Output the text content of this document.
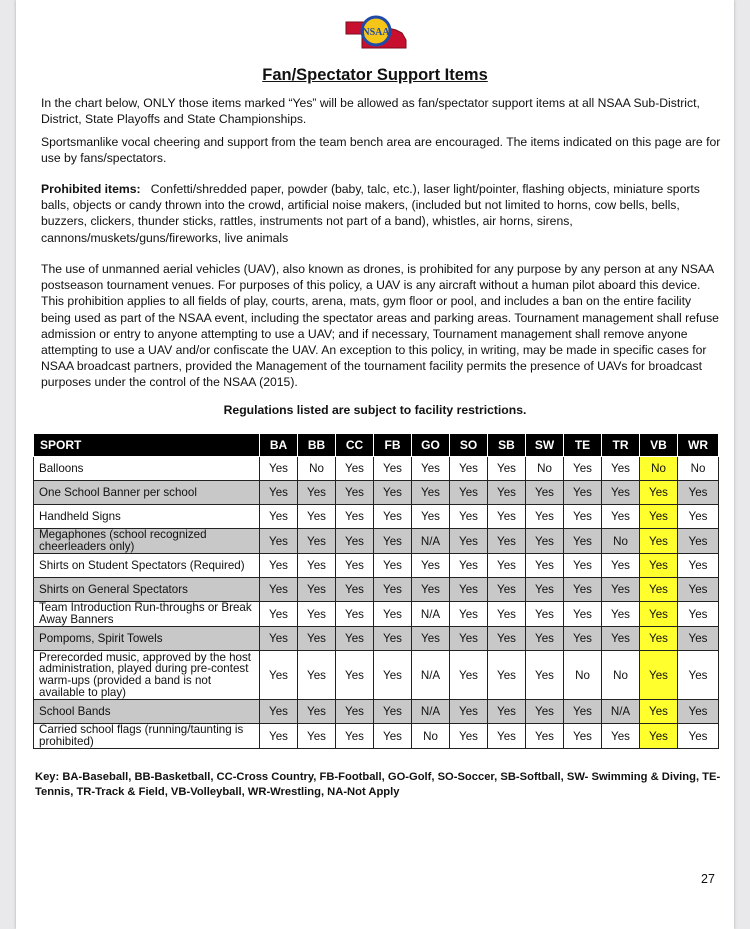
NSAA
Fan/Spectator Support Items

In the chart below, ONLY those items marked “Yes” will be allowed as fan/spectator support items at all NSAA Sub-District, District, State Playoffs and State Championships.

Sportsmanlike vocal cheering and support from the team bench area are encouraged. The items indicated on this page are for use by fans/spectators.

Prohibited items: Confetti/shredded paper, powder (baby, talc, etc.), laser light/pointer, flashing objects, miniature sports balls, objects or candy thrown into the crowd, artificial noise makers, (included but not limited to horns, cow bells, bells, buzzers, clickers, thunder sticks, rattles, instruments not part of a band), whistles, air horns, sirens, cannons/muskets/guns/fireworks, live animals

The use of unmanned aerial vehicles (UAV), also known as drones, is prohibited for any purpose by any person at any NSAA postseason tournament venues. For purposes of this policy, a UAV is any aircraft without a human pilot aboard this device. This prohibition applies to all fields of play, courts, arena, mats, gym floor or pool, and includes a ban on the entire facility being used as part of the NSAA event, including the spectator areas and parking areas. Tournament management shall refuse admission or entry to anyone attempting to use a UAV; and if necessary, Tournament management shall remove anyone attempting to use a UAV and/or confiscate the UAV. An exception to this policy, in writing, may be made in specific cases for NSAA broadcast partners, provided the Management of the tournament facility permits the presence of UAVs for broadcast purposes under the control of the NSAA (2015).

Regulations listed are subject to facility restrictions.
SPORT	BA	BB	CC	FB	GO	SO	SB	SW	TE	TR	VB	WR
Balloons	Yes	No	Yes	Yes	Yes	Yes	Yes	No	Yes	Yes	No	No
One School Banner per school	Yes	Yes	Yes	Yes	Yes	Yes	Yes	Yes	Yes	Yes	Yes	Yes
Handheld Signs	Yes	Yes	Yes	Yes	Yes	Yes	Yes	Yes	Yes	Yes	Yes	Yes
Megaphones (school recognized cheerleaders only)	Yes	Yes	Yes	Yes	N/A	Yes	Yes	Yes	Yes	No	Yes	Yes
Shirts on Student Spectators (Required)	Yes	Yes	Yes	Yes	Yes	Yes	Yes	Yes	Yes	Yes	Yes	Yes
Shirts on General Spectators	Yes	Yes	Yes	Yes	Yes	Yes	Yes	Yes	Yes	Yes	Yes	Yes
Team Introduction Run-throughs or Break Away Banners	Yes	Yes	Yes	Yes	N/A	Yes	Yes	Yes	Yes	Yes	Yes	Yes
Pompoms, Spirit Towels	Yes	Yes	Yes	Yes	Yes	Yes	Yes	Yes	Yes	Yes	Yes	Yes
Prerecorded music, approved by the host administration, played during pre-contest warm-ups (provided a band is not available to play)	Yes	Yes	Yes	Yes	N/A	Yes	Yes	Yes	No	No	Yes	Yes
School Bands	Yes	Yes	Yes	Yes	N/A	Yes	Yes	Yes	Yes	N/A	Yes	Yes
Carried school flags (running/taunting is prohibited)	Yes	Yes	Yes	Yes	No	Yes	Yes	Yes	Yes	Yes	Yes	Yes
Key: BA-Baseball, BB-Basketball, CC-Cross Country, FB-Football, GO-Golf, SO-Soccer, SB-Softball, SW- Swimming & Diving, TE-Tennis, TR-Track & Field, VB-Volleyball, WR-Wrestling, NA-Not Apply
27
